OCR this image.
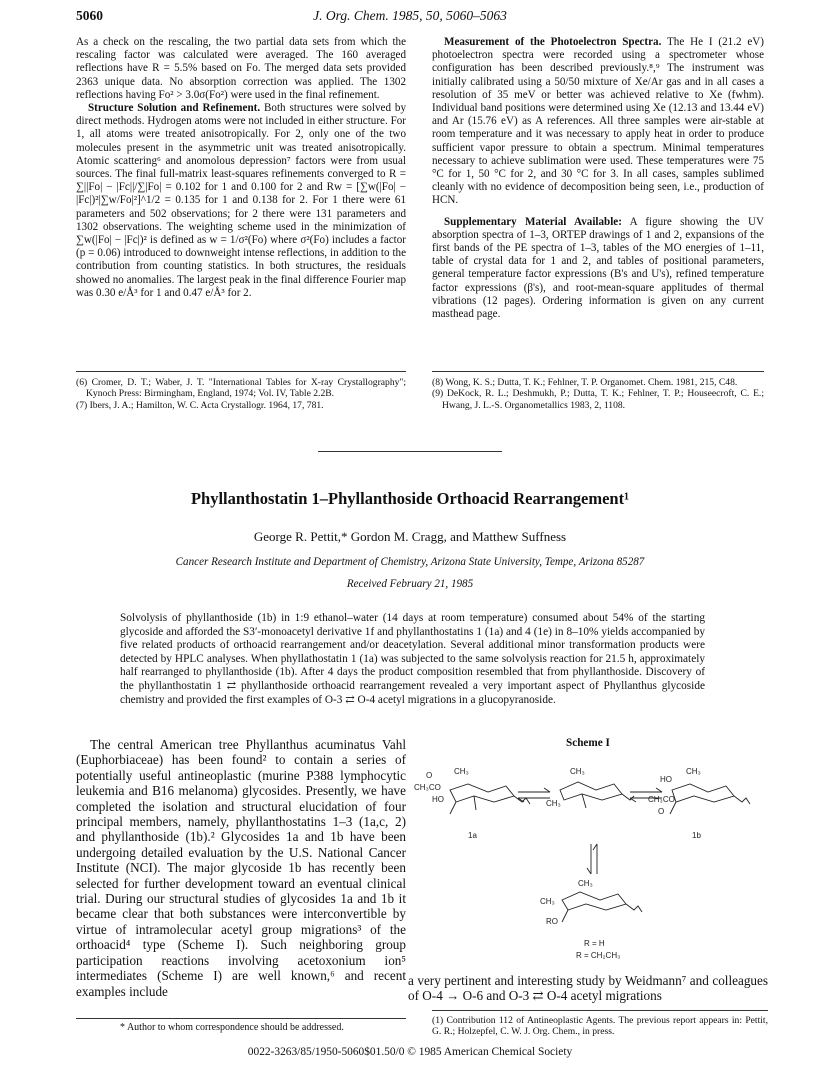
5060	J. Org. Chem. 1985, 50, 5060–5063

As a check on the rescaling, the two partial data sets from which the rescaling factor was calculated were averaged. The 160 averaged reflections have R = 5.5% based on Fo. The merged data sets provided 2363 unique data. No absorption correction was applied. The 1302 reflections having Fo² > 3.0σ(Fo²) were used in the final refinement.

Structure Solution and Refinement. Both structures were solved by direct methods. Hydrogen atoms were not included in either structure. For 1, all atoms were treated anisotropically. For 2, only one of the two molecules present in the asymmetric unit was treated anisotropically. Atomic scattering⁶ and anomolous depression⁷ factors were from usual sources. The final full-matrix least-squares refinements converged to R = ∑||Fo| − |Fc||/∑|Fo| = 0.102 for 1 and 0.100 for 2 and Rw = [∑w(|Fo| − |Fc|)²|∑w/Fo|²]^1/2 = 0.135 for 1 and 0.138 for 2. For 1 there were 61 parameters and 502 observations; for 2 there were 131 parameters and 1302 observations. The weighting scheme used in the minimization of ∑w(|Fo| − |Fc|)² is defined as w = 1/σ²(Fo) where σ²(Fo) includes a factor (p = 0.06) introduced to downweight intense reflections, in addition to the contribution from counting statistics. In both structures, the residuals showed no anomalies. The largest peak in the final difference Fourier map was 0.30 e/Å³ for 1 and 0.47 e/Å³ for 2.

Measurement of the Photoelectron Spectra. The He I (21.2 eV) photoelectron spectra were recorded using a spectrometer whose configuration has been described previously.⁸,⁹ The instrument was initially calibrated using a 50/50 mixture of Xe/Ar gas and in all cases a resolution of 35 meV or better was achieved relative to Xe (fwhm). Individual band positions were determined using Xe (12.13 and 13.44 eV) and Ar (15.76 eV) as A references. All three samples were air-stable at room temperature and it was necessary to apply heat in order to produce sufficient vapor pressure to obtain a spectrum. Minimal temperatures necessary to achieve sublimation were used. These temperatures were 75 °C for 1, 50 °C for 2, and 30 °C for 3. In all cases, samples sublimed cleanly with no evidence of decomposition being seen, i.e., production of HCN.

Supplementary Material Available: A figure showing the UV absorption spectra of 1–3, ORTEP drawings of 1 and 2, expansions of the first bands of the PE spectra of 1–3, tables of the MO energies of 1–11, table of crystal data for 1 and 2, and tables of positional parameters, general temperature factor expressions (B's and U's), refined temperature factor expressions (β's), and root-mean-square applitudes of thermal vibrations (12 pages). Ordering information is given on any current masthead page.

(6) Cromer, D. T.; Waber, J. T. "International Tables for X-ray Crystallography"; Kynoch Press: Birmingham, England, 1974; Vol. IV, Table 2.2B.

(7) Ibers, J. A.; Hamilton, W. C. Acta Crystallogr. 1964, 17, 781.

(8) Wong, K. S.; Dutta, T. K.; Fehlner, T. P. Organomet. Chem. 1981, 215, C48.

(9) DeKock, R. L.; Deshmukh, P.; Dutta, T. K.; Fehlner, T. P.; Houseecroft, C. E.; Hwang, J. L.-S. Organometallics 1983, 2, 1108.

Phyllanthostatin 1–Phyllanthoside Orthoacid Rearrangement¹
George R. Pettit,* Gordon M. Cragg, and Matthew Suffness
Cancer Research Institute and Department of Chemistry, Arizona State University, Tempe, Arizona 85287
Received February 21, 1985
Solvolysis of phyllanthoside (1b) in 1:9 ethanol–water (14 days at room temperature) consumed about 54% of the starting glycoside and afforded the S3′-monoacetyl derivative 1f and phyllanthostatins 1 (1a) and 4 (1e) in 8–10% yields accompanied by five related products of orthoacid rearrangement and/or deacetylation. Several additional minor transformation products were detected by HPLC analyses. When phyllathostatin 1 (1a) was subjected to the same solvolysis reaction for 21.5 h, approximately half rearranged to phyllanthoside (1b). After 4 days the product composition resembled that from phyllanthoside. Discovery of the phyllanthostatin 1 ⇄ phyllanthoside orthoacid rearrangement revealed a very important aspect of Phyllanthus glycoside chemistry and provided the first examples of O-3 ⇄ O-4 acetyl migrations in a glucopyranoside.

The central American tree Phyllanthus acuminatus Vahl (Euphorbiaceae) has been found² to contain a series of potentially useful antineoplastic (murine P388 lymphocytic leukemia and B16 melanoma) glycosides. Presently, we have completed the isolation and structural elucidation of four principal members, namely, phyllanthostatins 1–3 (1a,c, 2) and phyllanthoside (1b).² Glycosides 1a and 1b have been undergoing detailed evaluation by the U.S. National Cancer Institute (NCI). The major glycoside 1b has recently been selected for further development toward an eventual clinical trial. During our structural studies of glycosides 1a and 1b it became clear that both substances were interconvertible by virtue of intramolecular acetyl group migrations³ of the orthoacid⁴ type (Scheme I). Such neighboring group participation reactions involving acetoxonium ion⁵ intermediates (Scheme I) are well known,⁶ and recent examples include

Scheme I
O
CH₃CO
CH₃
HO
CH₃
CH₃
CH₃
HO
CH₃CO
O
1a	1b
CH₃
CH₃
RO
R = H
R = CH₂CH₃

a very pertinent and interesting study by Weidmann⁷ and colleagues of O-4 → O-6 and O-3 ⇄ O-4 acetyl migrations

(1) Contribution 112 of Antineoplastic Agents. The previous report appears in: Pettit, G. R.; Holzepfel, C. W. J. Org. Chem., in press.
* Author to whom correspondence should be addressed.
0022-3263/85/1950-5060$01.50/0 © 1985 American Chemical Society
